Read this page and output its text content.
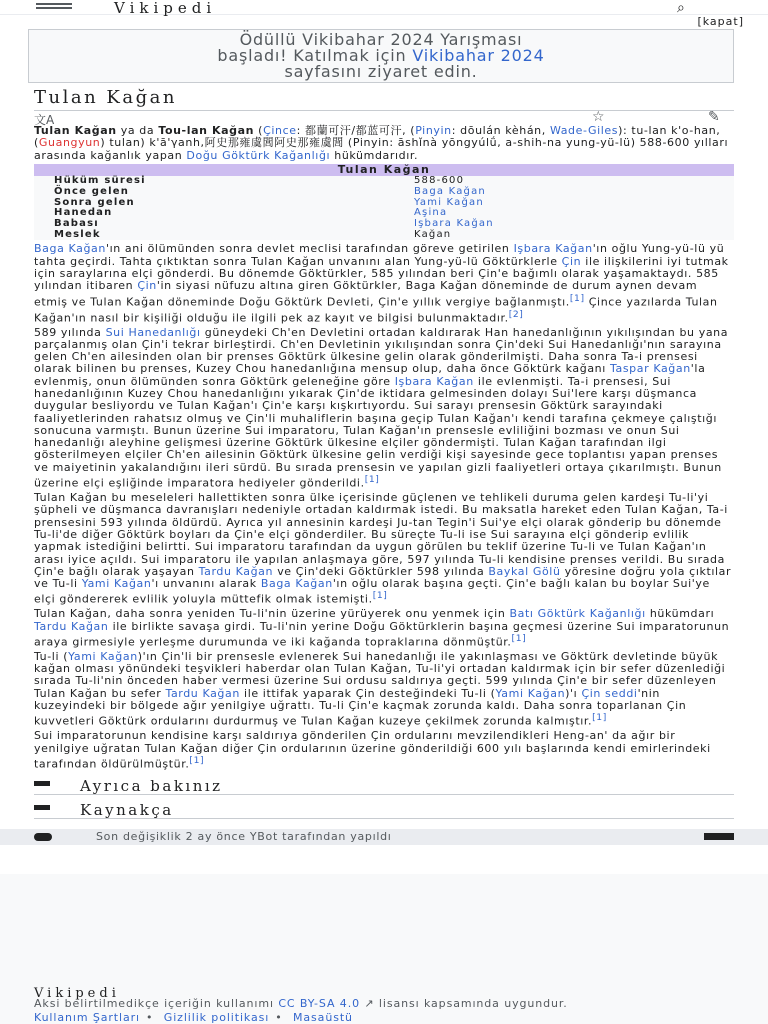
Vikipedi	⌕
[kapat]
Ödüllü Vikibahar 2024 Yarışması
başladı! Katılmak için Vikibahar 2024
sayfasını ziyaret edin.
Tulan Kağan
文A	☆	✎

Tulan Kağan ya da Tou-lan Kağan (Çince: 都蘭可汗/都蓝可汗, (Pinyin: dōulán kèhán, Wade-Giles): tu-lan k'o-han, (Guangyun) tulan) k'ā'γanh,阿史那雍虞閭阿史那雍虞閭 (Pinyin: āshǐnà yōngyúlǘ, a-shih-na yung-yü-lü) 588-600 yılları arasında kağanlık yapan Doğu Göktürk Kağanlığı hükümdarıdır.

Tulan Kağan	
Hüküm süresi	588-600
Önce gelen	Baga Kağan
Sonra gelen	Yami Kağan
Hanedan	Aşina
Babası	Işbara Kağan
Meslek	Kağan

Baga Kağan'ın ani ölümünden sonra devlet meclisi tarafından göreve getirilen Işbara Kağan'ın oğlu Yung-yü-lü yü tahta geçirdi. Tahta çıktıktan sonra Tulan Kağan unvanını alan Yung-yü-lü Göktürklerle Çin ile ilişkilerini iyi tutmak için saraylarına elçi gönderdi. Bu dönemde Göktürkler, 585 yılından beri Çin'e bağımlı olarak yaşamaktaydı. 585 yılından itibaren Çin'in siyasi nüfuzu altına giren Göktürkler, Baga Kağan döneminde de durum aynen devam etmiş ve Tulan Kağan döneminde Doğu Göktürk Devleti, Çin'e yıllık vergiye bağlanmıştı.[1] Çince yazılarda Tulan Kağan'ın nasıl bir kişiliği olduğu ile ilgili pek az kayıt ve bilgisi bulunmaktadır.[2]

589 yılında Sui Hanedanlığı güneydeki Ch'en Devletini ortadan kaldırarak Han hanedanlığının yıkılışından bu yana parçalanmış olan Çin'i tekrar birleştirdi. Ch'en Devletinin yıkılışından sonra Çin'deki Sui Hanedanlığı'nın sarayına gelen Ch'en ailesinden olan bir prenses Göktürk ülkesine gelin olarak gönderilmişti. Daha sonra Ta-i prensesi olarak bilinen bu prenses, Kuzey Chou hanedanlığına mensup olup, daha önce Göktürk kağanı Taspar Kağan'la evlenmiş, onun ölümünden sonra Göktürk geleneğine göre Işbara Kağan ile evlenmişti. Ta-i prensesi, Sui hanedanlığının Kuzey Chou hanedanlığını yıkarak Çin'de iktidara gelmesinden dolayı Sui'lere karşı düşmanca duygular besliyordu ve Tulan Kağan'ı Çin'e karşı kışkırtıyordu. Sui sarayı prensesin Göktürk sarayındaki faaliyetlerinden rahatsız olmuş ve Çin'li muhaliflerin başına geçip Tulan Kağan'ı kendi tarafına çekmeye çalıştığı sonucuna varmıştı. Bunun üzerine Sui imparatoru, Tulan Kağan'ın prensesle evliliğini bozması ve onun Sui hanedanlığı aleyhine gelişmesi üzerine Göktürk ülkesine elçiler göndermişti. Tulan Kağan tarafından ilgi gösterilmeyen elçiler Ch'en ailesinin Göktürk ülkesine gelin verdiği kişi sayesinde gece toplantısı yapan prenses ve maiyetinin yakalandığını ileri sürdü. Bu sırada prensesin ve yapılan gizli faaliyetleri ortaya çıkarılmıştı. Bunun üzerine elçi eşliğinde imparatora hediyeler gönderildi.[1]

Tulan Kağan bu meseleleri hallettikten sonra ülke içerisinde güçlenen ve tehlikeli duruma gelen kardeşi Tu-li'yi şüpheli ve düşmanca davranışları nedeniyle ortadan kaldırmak istedi. Bu maksatla hareket eden Tulan Kağan, Ta-i prensesini 593 yılında öldürdü. Ayrıca yıl annesinin kardeşi Ju-tan Tegin'i Sui'ye elçi olarak gönderip bu dönemde Tu-li'de diğer Göktürk boyları da Çin'e elçi gönderdiler. Bu süreçte Tu-li ise Sui sarayına elçi gönderip evlilik yapmak istediğini belirtti. Sui imparatoru tarafından da uygun görülen bu teklif üzerine Tu-li ve Tulan Kağan'ın arası iyice açıldı. Sui imparatoru ile yapılan anlaşmaya göre, 597 yılında Tu-li kendisine prenses verildi. Bu sırada Çin'e bağlı olarak yaşayan Tardu Kağan ve Çin'deki Göktürkler 598 yılında Baykal Gölü yöresine doğru yola çıktılar ve Tu-li Yami Kağan'ı unvanını alarak Baga Kağan'ın oğlu olarak başına geçti. Çin'e bağlı kalan bu boylar Sui'ye elçi göndererek evlilik yoluyla müttefik olmak istemişti.[1]

Tulan Kağan, daha sonra yeniden Tu-li'nin üzerine yürüyerek onu yenmek için Batı Göktürk Kağanlığı hükümdarı Tardu Kağan ile birlikte savaşa girdi. Tu-li'nin yerine Doğu Göktürklerin başına geçmesi üzerine Sui imparatorunun araya girmesiyle yerleşme durumunda ve iki kağanda topraklarına dönmüştür.[1]

Tu-li (Yami Kağan)'ın Çin'li bir prensesle evlenerek Sui hanedanlığı ile yakınlaşması ve Göktürk devletinde büyük kağan olması yönündeki teşvikleri haberdar olan Tulan Kağan, Tu-li'yi ortadan kaldırmak için bir sefer düzenlediği sırada Tu-li'nin önceden haber vermesi üzerine Sui ordusu saldırıya geçti. 599 yılında Çin'e bir sefer düzenleyen Tulan Kağan bu sefer Tardu Kağan ile ittifak yaparak Çin desteğindeki Tu-li (Yami Kağan)'ı Çin seddi'nin kuzeyindeki bir bölgede ağır yenilgiye uğrattı. Tu-li Çin'e kaçmak zorunda kaldı. Daha sonra toparlanan Çin kuvvetleri Göktürk ordularını durdurmuş ve Tulan Kağan kuzeye çekilmek zorunda kalmıştır.[1]

Sui imparatorunun kendisine karşı saldırıya gönderilen Çin ordularını mevzilendikleri Heng-an' da ağır bir yenilgiye uğratan Tulan Kağan diğer Çin ordularının üzerine gönderildiği 600 yılı başlarında kendi emirlerindeki tarafından öldürülmüştür.[1]

Ayrıca bakınız
Kaynakça
Son değişiklik 2 ay önce YBot tarafından yapıldı
Vikipedi
Aksi belirtilmedikçe içeriğin kullanımı CC BY-SA 4.0 ↗ lisansı kapsamında uygundur.
Kullanım Şartları • Gizlilik politikası • Masaüstü
